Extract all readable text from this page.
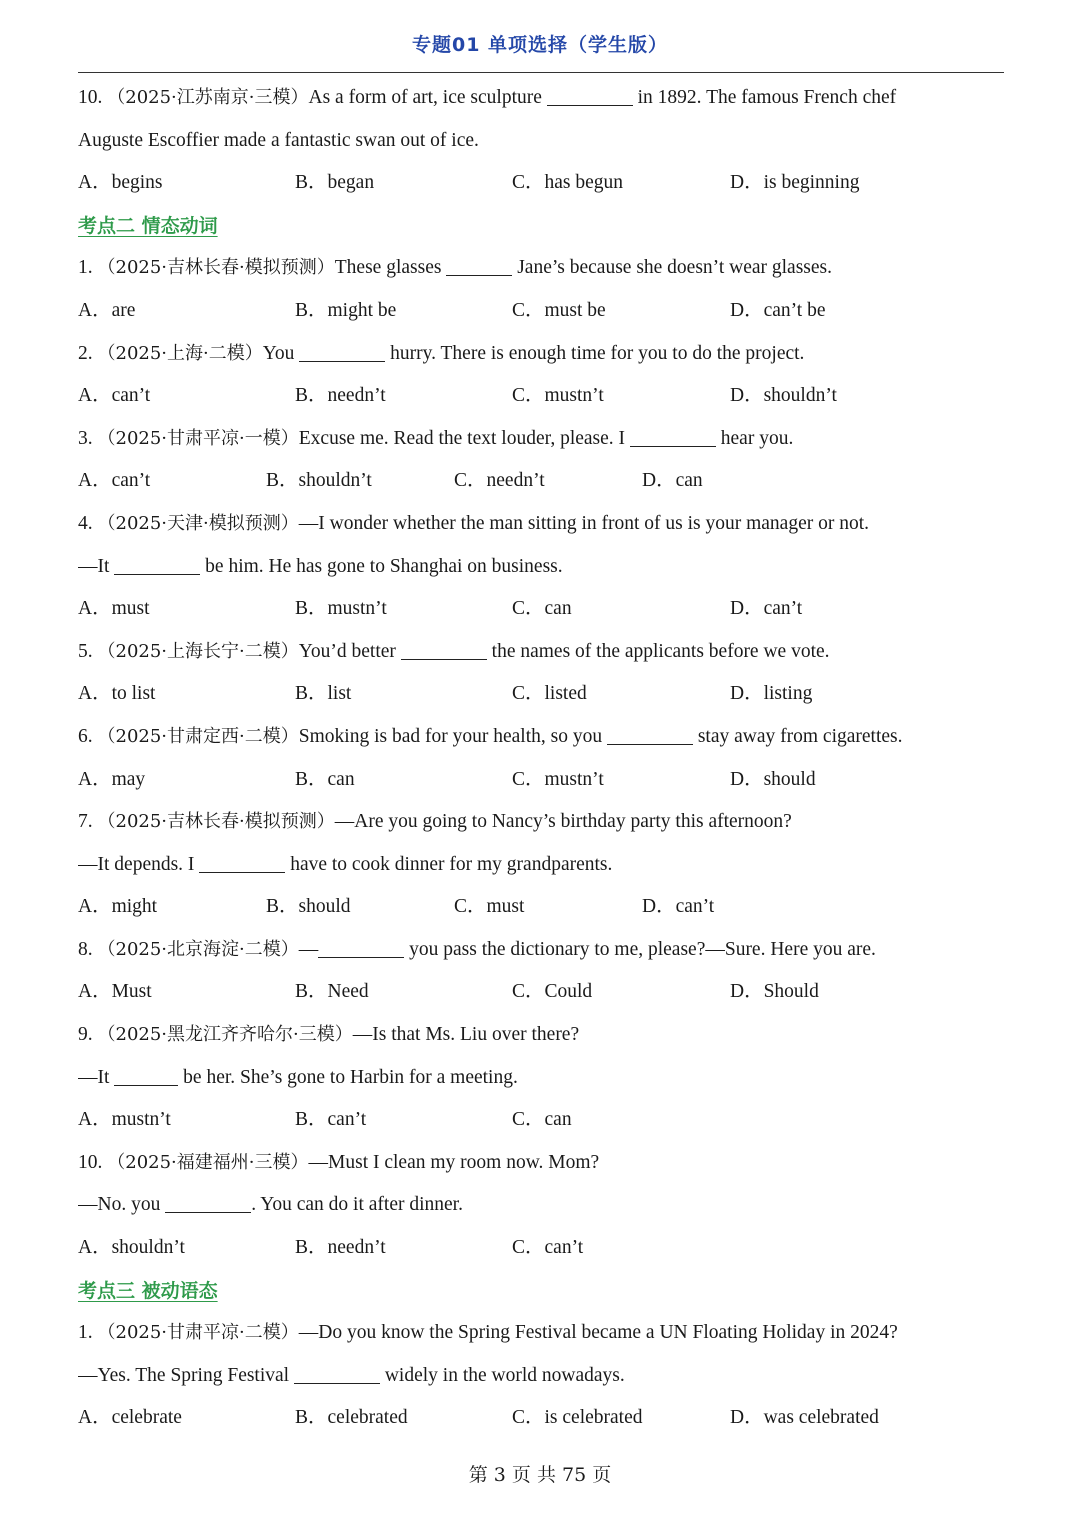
专题01 单项选择（学生版）
10. （2025·江苏南京·三模）As a form of art, ice sculpture	in 1892. The famous French chef
Auguste Escoffier made a fantastic swan out of ice.
A．begins	B．began	C．has begun	D．is beginning
考点二 情态动词
1. （2025·吉林长春·模拟预测）These glasses	Jane’s because she doesn’t wear glasses.
A．are	B．might be	C．must be	D．can’t be
2. （2025·上海·二模）You	hurry. There is enough time for you to do the project.
A．can’t	B．needn’t	C．mustn’t	D．shouldn’t
3. （2025·甘肃平凉·一模）Excuse me. Read the text louder, please. I	hear you.
A．can’t	B．shouldn’t	C．needn’t	D．can
4. （2025·天津·模拟预测）—I wonder whether the man sitting in front of us is your manager or not.
—It	be him. He has gone to Shanghai on business.
A．must	B．mustn’t	C．can	D．can’t
5. （2025·上海长宁·二模）You’d better	the names of the applicants before we vote.
A．to list	B．list	C．listed	D．listing
6. （2025·甘肃定西·二模）Smoking is bad for your health, so you	stay away from cigarettes.
A．may	B．can	C．mustn’t	D．should
7. （2025·吉林长春·模拟预测）—Are you going to Nancy’s birthday party this afternoon?
—It depends. I	have to cook dinner for my grandparents.
A．might	B．should	C．must	D．can’t
8. （2025·北京海淀·二模）—	you pass the dictionary to me, please?—Sure. Here you are.
A．Must	B．Need	C．Could	D．Should
9. （2025·黑龙江齐齐哈尔·三模）—Is that Ms. Liu over there?
—It	be her. She’s gone to Harbin for a meeting.
A．mustn’t	B．can’t	C．can
10. （2025·福建福州·三模）—Must I clean my room now. Mom?
—No. you	. You can do it after dinner.
A．shouldn’t	B．needn’t	C．can’t
考点三 被动语态
1. （2025·甘肃平凉·二模）—Do you know the Spring Festival became a UN Floating Holiday in 2024?
—Yes. The Spring Festival	widely in the world nowadays.
A．celebrate	B．celebrated	C．is celebrated	D．was celebrated
第 3 页 共 75 页
